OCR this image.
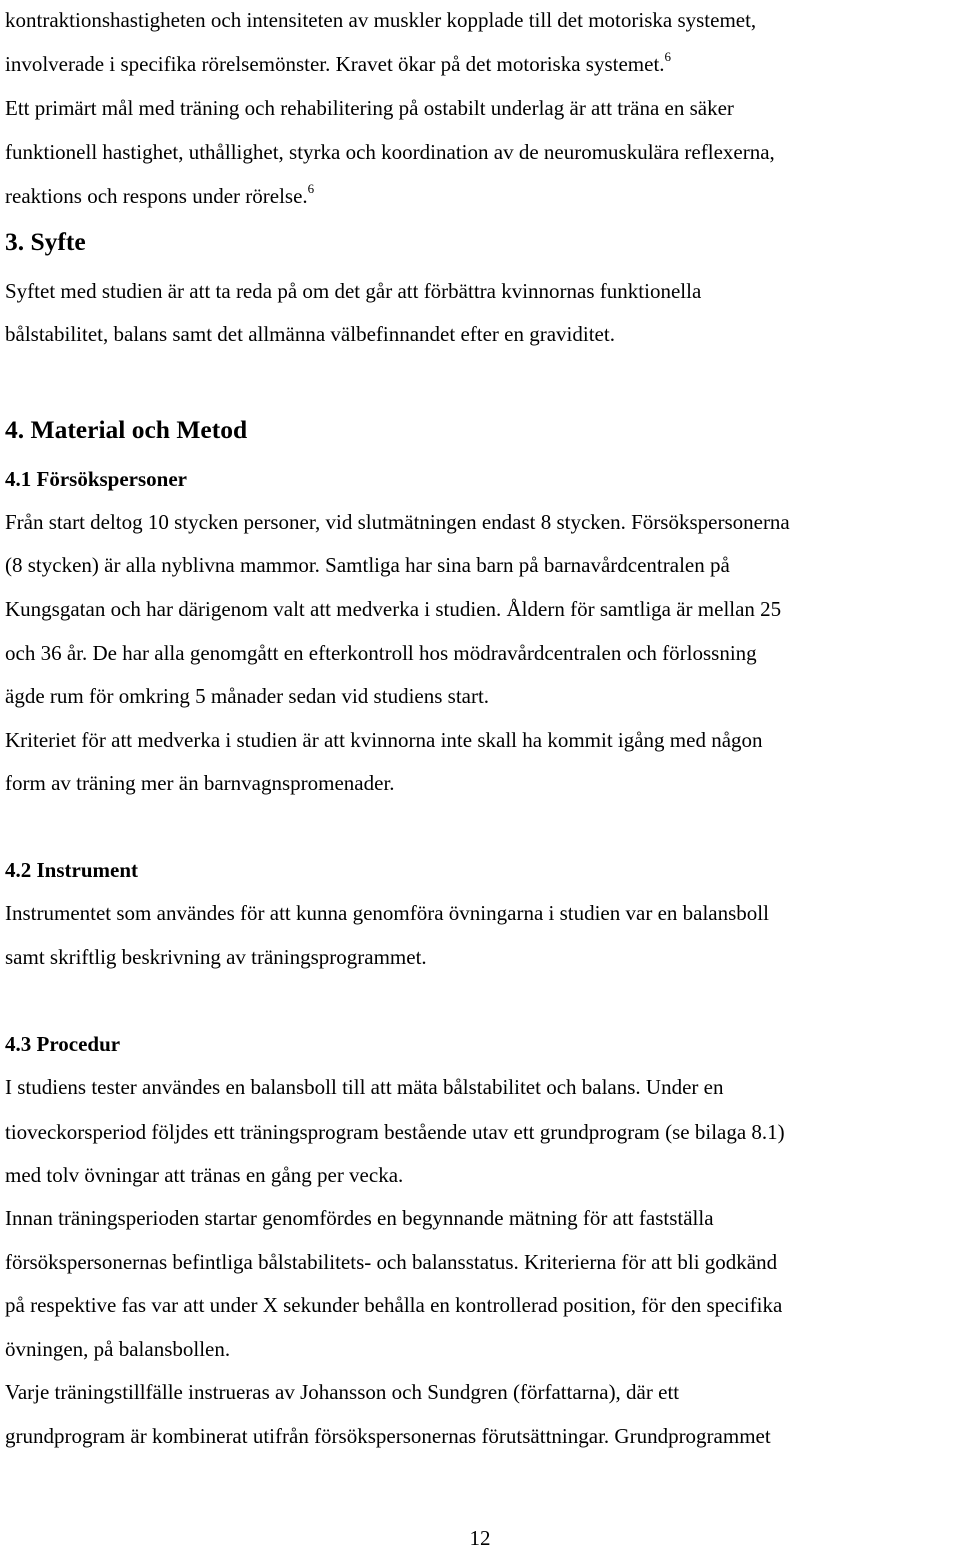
kontraktionshastigheten och intensiteten av muskler kopplade till det motoriska systemet,
involverade i specifika rörelsemönster. Kravet ökar på det motoriska systemet.$^6$
Ett primärt mål med träning och rehabilitering på ostabilt underlag är att träna en säker
funktionell hastighet, uthållighet, styrka och koordination av de neuromuskulära reflexerna,
reaktions och respons under rörelse.$^6$
3. Syfte
Syftet med studien är att ta reda på om det går att förbättra kvinnornas funktionella
bålstabilitet, balans samt det allmänna välbefinnandet efter en graviditet.
4. Material och Metod
4.1 Försökspersoner
Från start deltog 10 stycken personer, vid slutmätningen endast 8 stycken. Försökspersonerna
(8 stycken) är alla nyblivna mammor. Samtliga har sina barn på barnavårdcentralen på
Kungsgatan och har därigenom valt att medverka i studien. Åldern för samtliga är mellan 25
och 36 år. De har alla genomgått en efterkontroll hos mödravårdcentralen och förlossning
ägde rum för omkring 5 månader sedan vid studiens start.
Kriteriet för att medverka i studien är att kvinnorna inte skall ha kommit igång med någon
form av träning mer än barnvagnspromenader.
4.2 Instrument
Instrumentet som användes för att kunna genomföra övningarna i studien var en balansboll
samt skriftlig beskrivning av träningsprogrammet.
4.3 Procedur
I studiens tester användes en balansboll till att mäta bålstabilitet och balans. Under en
tioveckorsperiod följdes ett träningsprogram bestående utav ett grundprogram (se bilaga 8.1)
med tolv övningar att tränas en gång per vecka.
Innan träningsperioden startar genomfördes en begynnande mätning för att fastställa
försökspersonernas befintliga bålstabilitets- och balansstatus. Kriterierna för att bli godkänd
på respektive fas var att under X sekunder behålla en kontrollerad position, för den specifika
övningen, på balansbollen.
Varje träningstillfälle instrueras av Johansson och Sundgren (författarna), där ett
grundprogram är kombinerat utifrån försökspersonernas förutsättningar. Grundprogrammet
12
